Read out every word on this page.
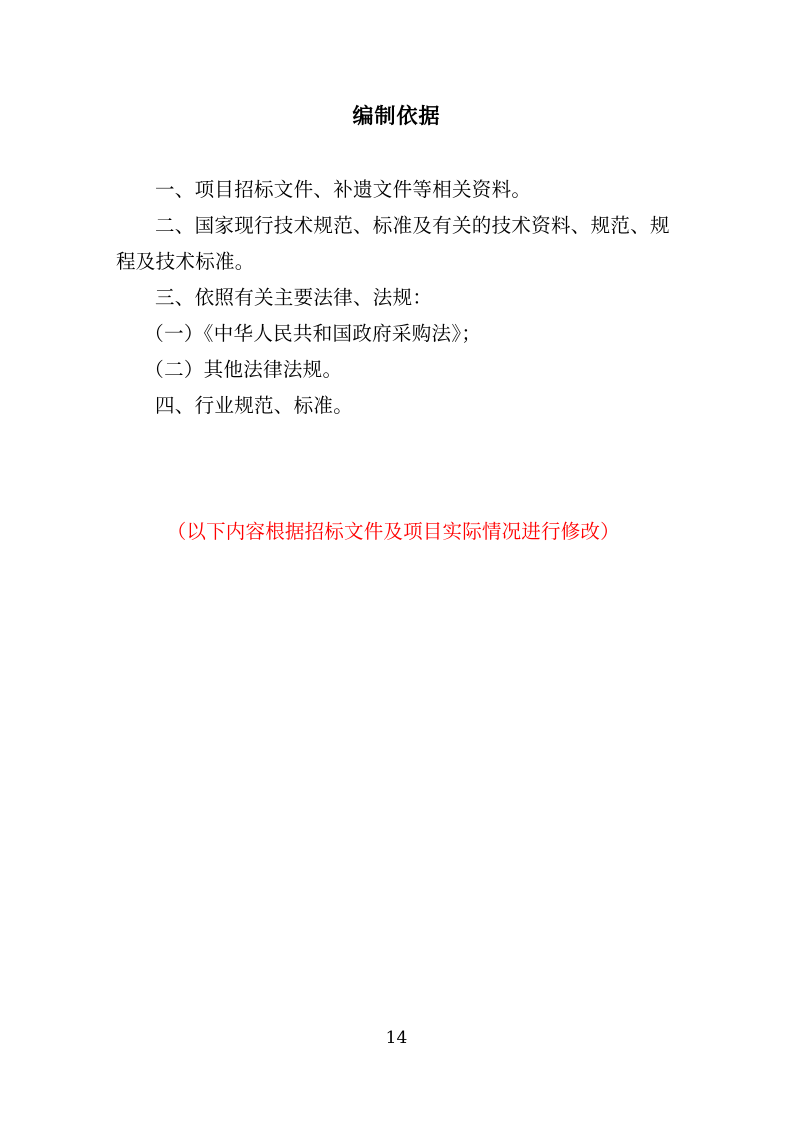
编制依据

一、项目招标文件、补遗文件等相关资料。

二、国家现行技术规范、标准及有关的技术资料、规范、规程及技术标准。

三、依照有关主要法律、法规：

（一）《中华人民共和国政府采购法》；

（二）其他法律法规。

四、行业规范、标准。

（以下内容根据招标文件及项目实际情况进行修改）
14
